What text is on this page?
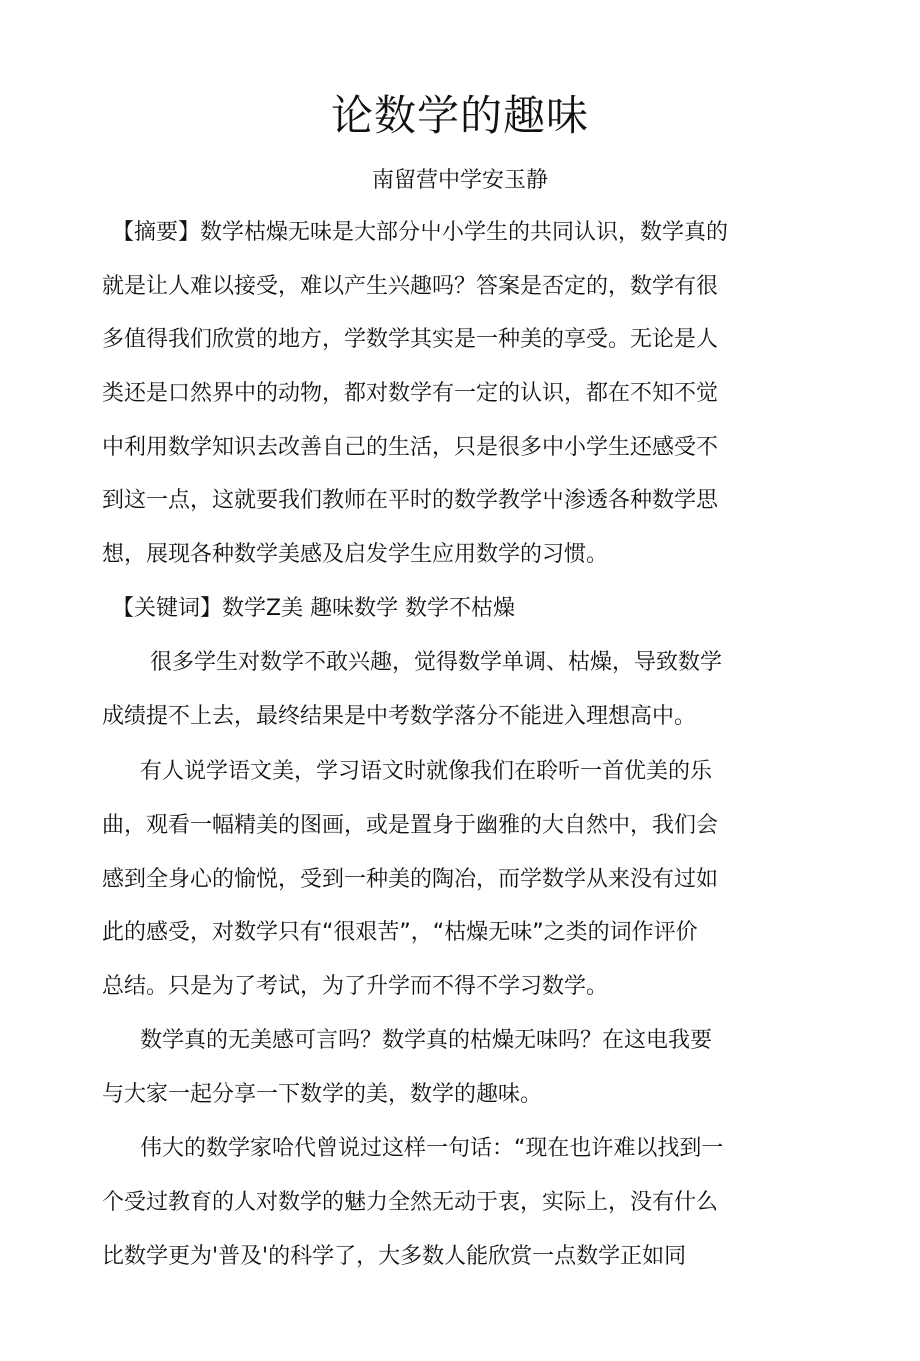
论数学的趣味
南留营中学安玉静
【摘要】数学枯燥无味是大部分屮小学生的共同认识，数学真的
就是让人难以接受，难以产生兴趣吗？答案是否定的，数学有很
多值得我们欣赏的地方，学数学其实是一种美的享受。无论是人
类还是口然界中的动物，都对数学有一定的认识，都在不知不觉
中利用数学知识去改善自己的生活，只是很多中小学生还感受不
到这一点，这就要我们教师在平时的数学教学屮渗透各种数学思
想，展现各种数学美感及启发学生应用数学的习惯。
【关键词】数学Z美 趣味数学 数学不枯燥
很多学生对数学不敢兴趣，觉得数学单调、枯燥，导致数学
成绩提不上去，最终结果是中考数学落分不能进入理想高中。
有人说学语文美，学习语文时就像我们在聆听一首优美的乐
曲，观看一幅精美的图画，或是置身于幽雅的大自然中，我们会
感到全身心的愉悦，受到一种美的陶冶，而学数学从来没有过如
此的感受，对数学只有“很艰苦”，“枯燥无味”之类的词作评价
总结。只是为了考试，为了升学而不得不学习数学。
数学真的无美感可言吗？数学真的枯燥无味吗？在这电我要
与大家一起分享一下数学的美，数学的趣味。
伟大的数学家哈代曾说过这样一句话：“现在也许难以找到一
个受过教育的人对数学的魅力全然无动于衷，实际上，没有什么
比数学更为'普及'的科学了，大多数人能欣赏一点数学正如同
